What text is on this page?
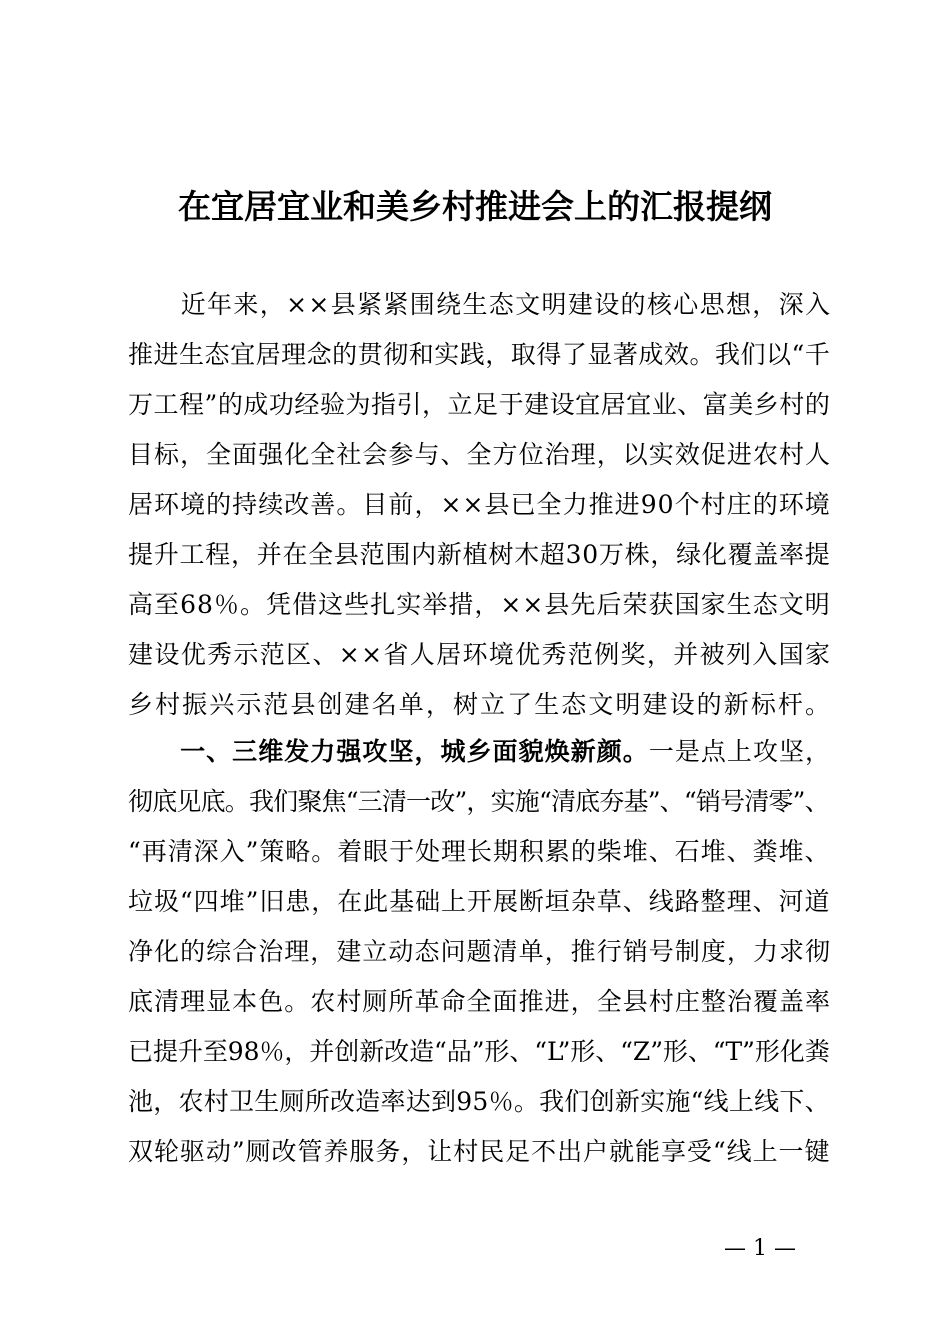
在宜居宜业和美乡村推进会上的汇报提纲
　　近年来，××县紧紧围绕生态文明建设的核心思想，深入
推进生态宜居理念的贯彻和实践，取得了显著成效。我们以“千
万工程”的成功经验为指引，立足于建设宜居宜业、富美乡村的
目标，全面强化全社会参与、全方位治理，以实效促进农村人
居环境的持续改善。目前，××县已全力推进90个村庄的环境
提升工程，并在全县范围内新植树木超30万株，绿化覆盖率提
高至68％。凭借这些扎实举措，××县先后荣获国家生态文明
建设优秀示范区、××省人居环境优秀范例奖，并被列入国家
乡村振兴示范县创建名单，树立了生态文明建设的新标杆。
　　一、三维发力强攻坚，城乡面貌焕新颜。一是点上攻坚，
彻底见底。我们聚焦“三清一改”，实施“清底夯基”、“销号清零”、
“再清深入”策略。着眼于处理长期积累的柴堆、石堆、粪堆、
垃圾“四堆”旧患，在此基础上开展断垣杂草、线路整理、河道
净化的综合治理，建立动态问题清单，推行销号制度，力求彻
底清理显本色。农村厕所革命全面推进，全县村庄整治覆盖率
已提升至98％，并创新改造“品”形、“L”形、“Z”形、“T”形化粪
池，农村卫生厕所改造率达到95％。我们创新实施“线上线下、
双轮驱动”厕改管养服务，让村民足不出户就能享受“线上一键
— 1 —
